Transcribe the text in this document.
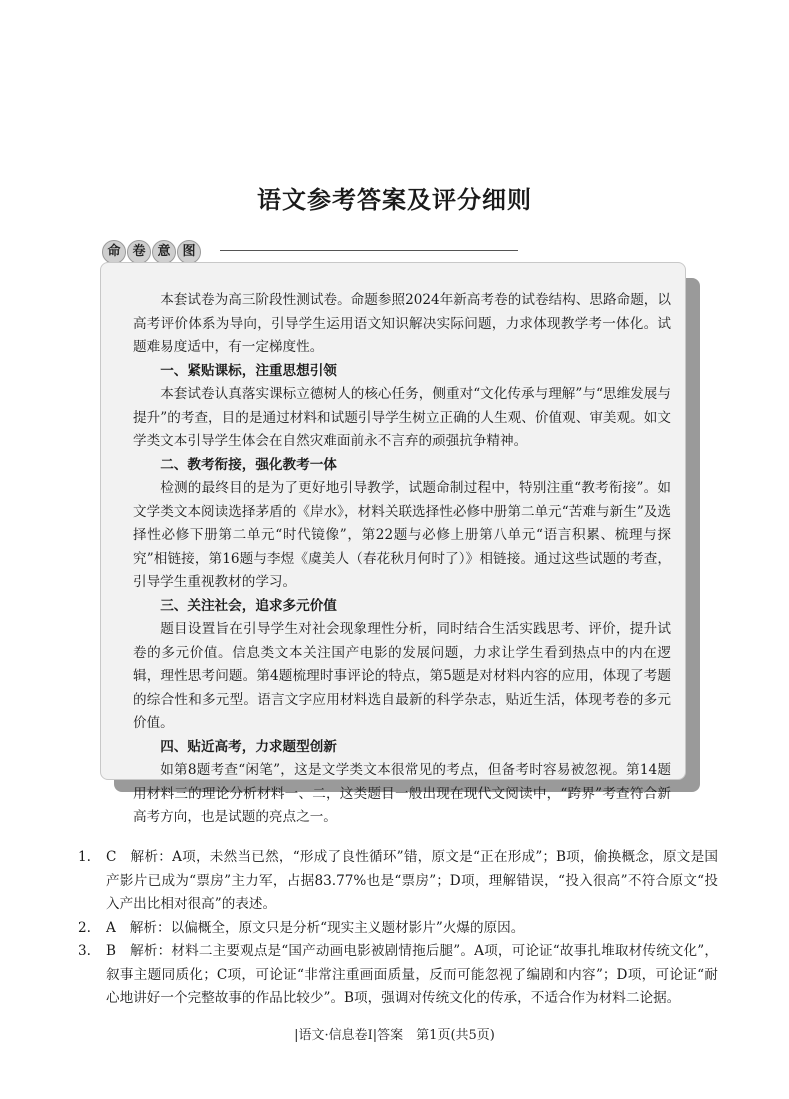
语文参考答案及评分细则
命 卷 意 图

本套试卷为高三阶段性测试卷。命题参照2024年新高考卷的试卷结构、思路命题，以高考评价体系为导向，引导学生运用语文知识解决实际问题，力求体现教学考一体化。试题难易度适中，有一定梯度性。

一、紧贴课标，注重思想引领

本套试卷认真落实课标立德树人的核心任务，侧重对“文化传承与理解”与“思维发展与提升”的考查，目的是通过材料和试题引导学生树立正确的人生观、价值观、审美观。如文学类文本引导学生体会在自然灾难面前永不言弃的顽强抗争精神。

二、教考衔接，强化教考一体

检测的最终目的是为了更好地引导教学，试题命制过程中，特别注重“教考衔接”。如文学类文本阅读选择茅盾的《岸水》，材料关联选择性必修中册第二单元“苦难与新生”及选择性必修下册第二单元“时代镜像”，第22题与必修上册第八单元“语言积累、梳理与探究”相链接，第16题与李煜《虞美人（春花秋月何时了）》相链接。通过这些试题的考查，引导学生重视教材的学习。

三、关注社会，追求多元价值

题目设置旨在引导学生对社会现象理性分析，同时结合生活实践思考、评价，提升试卷的多元价值。信息类文本关注国产电影的发展问题，力求让学生看到热点中的内在逻辑，理性思考问题。第4题梳理时事评论的特点，第5题是对材料内容的应用，体现了考题的综合性和多元型。语言文字应用材料选自最新的科学杂志，贴近生活，体现考卷的多元价值。

四、贴近高考，力求题型创新

如第8题考查“闲笔”，这是文学类文本很常见的考点，但备考时容易被忽视。第14题用材料三的理论分析材料一、二，这类题目一般出现在现代文阅读中，“跨界”考查符合新高考方向，也是试题的亮点之一。

1.	C 解析：A项，未然当已然，“形成了良性循环”错，原文是“正在形成”；B项，偷换概念，原文是国产影片已成为“票房”主力军，占据83.77%也是“票房”；D项，理解错误，“投入很高”不符合原文“投入产出比相对很高”的表述。
2.	A 解析：以偏概全，原文只是分析“现实主义题材影片”火爆的原因。
3.	B 解析：材料二主要观点是“国产动画电影被剧情拖后腿”。A项，可论证“故事扎堆取材传统文化”，叙事主题同质化；C项，可论证“非常注重画面质量，反而可能忽视了编剧和内容”；D项，可论证“耐心地讲好一个完整故事的作品比较少”。B项，强调对传统文化的传承，不适合作为材料二论据。
|语文·信息卷Ⅰ|答案　第1页(共5页)
